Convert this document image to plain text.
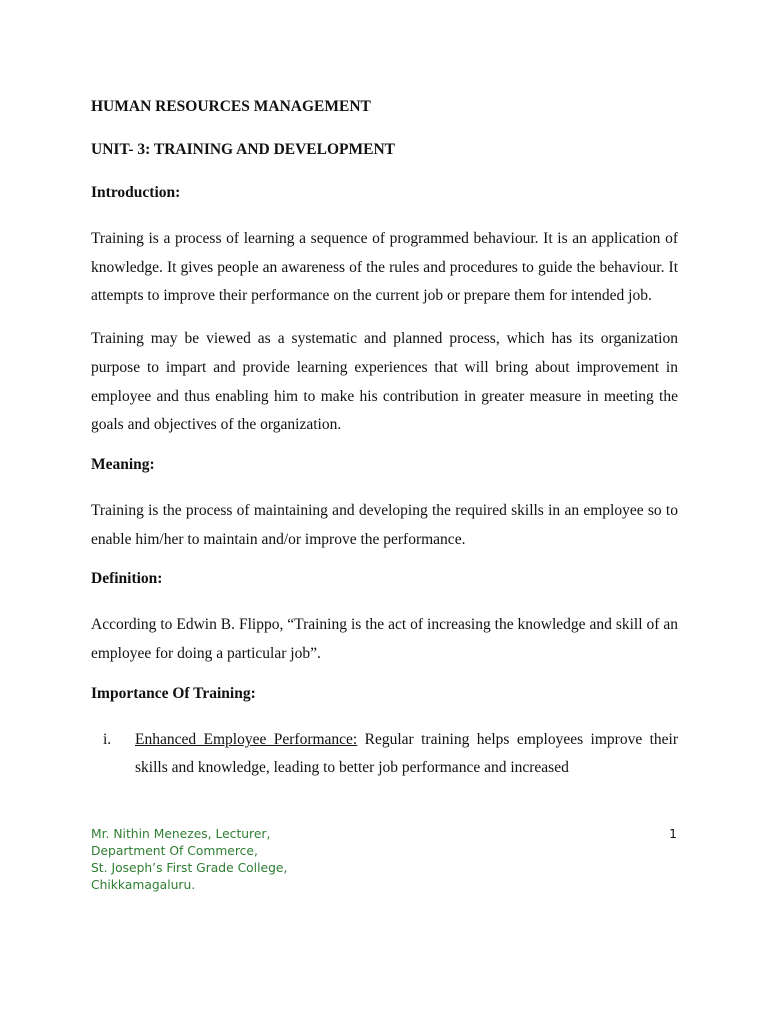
HUMAN RESOURCES MANAGEMENT
UNIT- 3: TRAINING AND DEVELOPMENT
Introduction:

Training is a process of learning a sequence of programmed behaviour. It is an application of knowledge. It gives people an awareness of the rules and procedures to guide the behaviour. It attempts to improve their performance on the current job or prepare them for intended job.

Training may be viewed as a systematic and planned process, which has its organization purpose to impart and provide learning experiences that will bring about improvement in employee and thus enabling him to make his contribution in greater measure in meeting the goals and objectives of the organization.

Meaning:

Training is the process of maintaining and developing the required skills in an employee so to enable him/her to maintain and/or improve the performance.

Definition:

According to Edwin B. Flippo, “Training is the act of increasing the knowledge and skill of an employee for doing a particular job”.

Importance Of Training:
i. Enhanced Employee Performance: Regular training helps employees improve their skills and knowledge, leading to better job performance and increased
Mr. Nithin Menezes, Lecturer,
Department Of Commerce,
St. Joseph’s First Grade College,
Chikkamagaluru.
1
